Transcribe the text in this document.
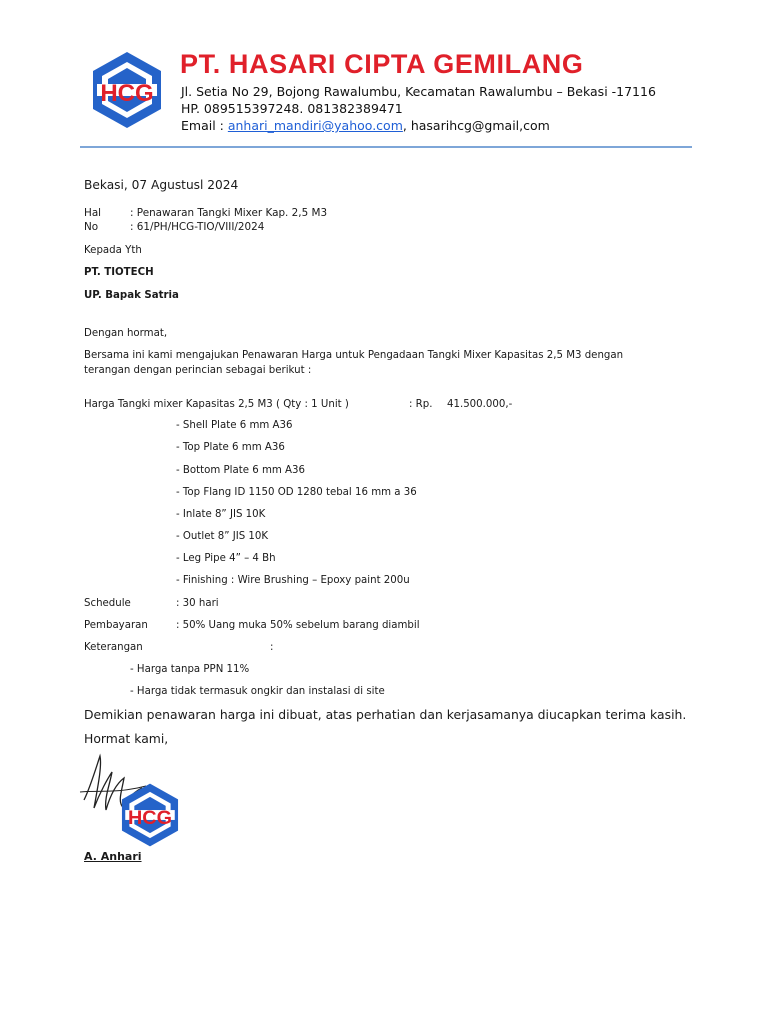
HCG
PT. HASARI CIPTA GEMILANG
Jl. Setia No 29, Bojong Rawalumbu, Kecamatan Rawalumbu – Bekasi -17116
HP. 089515397248. 081382389471
Email : anhari_mandiri@yahoo.com, hasarihcg@gmail,com
Bekasi, 07 Agustusl 2024
Hal	: Penawaran Tangki Mixer Kap. 2,5 M3
No	: 61/PH/HCG-TIO/VIII/2024
Kepada Yth
PT. TIOTECH
UP. Bapak Satria
Dengan hormat,
Bersama ini kami mengajukan Penawaran Harga untuk Pengadaan Tangki Mixer Kapasitas 2,5 M3 dengan
terangan dengan perincian sebagai berikut :
Harga Tangki mixer Kapasitas 2,5 M3 ( Qty : 1 Unit )	: Rp. 41.500.000,-
- Shell Plate 6 mm A36
- Top Plate 6 mm A36
- Bottom Plate 6 mm A36
- Top Flang ID 1150 OD 1280 tebal 16 mm a 36
- Inlate 8” JIS 10K
- Outlet 8” JIS 10K
- Leg Pipe 4” – 4 Bh
- Finishing : Wire Brushing – Epoxy paint 200u
Schedule	: 30 hari
Pembayaran	: 50% Uang muka 50% sebelum barang diambil
Keterangan	:
- Harga tanpa PPN 11%
- Harga tidak termasuk ongkir dan instalasi di site
Demikian penawaran harga ini dibuat, atas perhatian dan kerjasamanya diucapkan terima kasih.
Hormat kami,
HCG
A. Anhari
